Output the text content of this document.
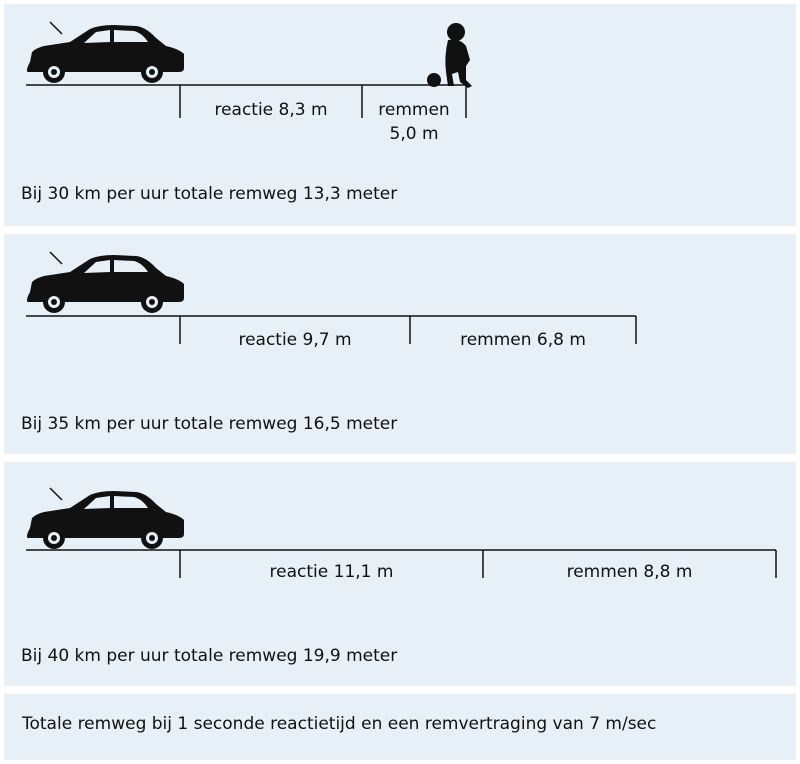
reactie 8,3 m	remmen
5,0 m
Bij 30 km per uur totale remweg 13,3 meter
reactie 9,7 m	remmen 6,8 m
Bij 35 km per uur totale remweg 16,5 meter
reactie 11,1 m	remmen 8,8 m
Bij 40 km per uur totale remweg 19,9 meter
Totale remweg bij 1 seconde reactietijd en een remvertraging van 7 m/sec
